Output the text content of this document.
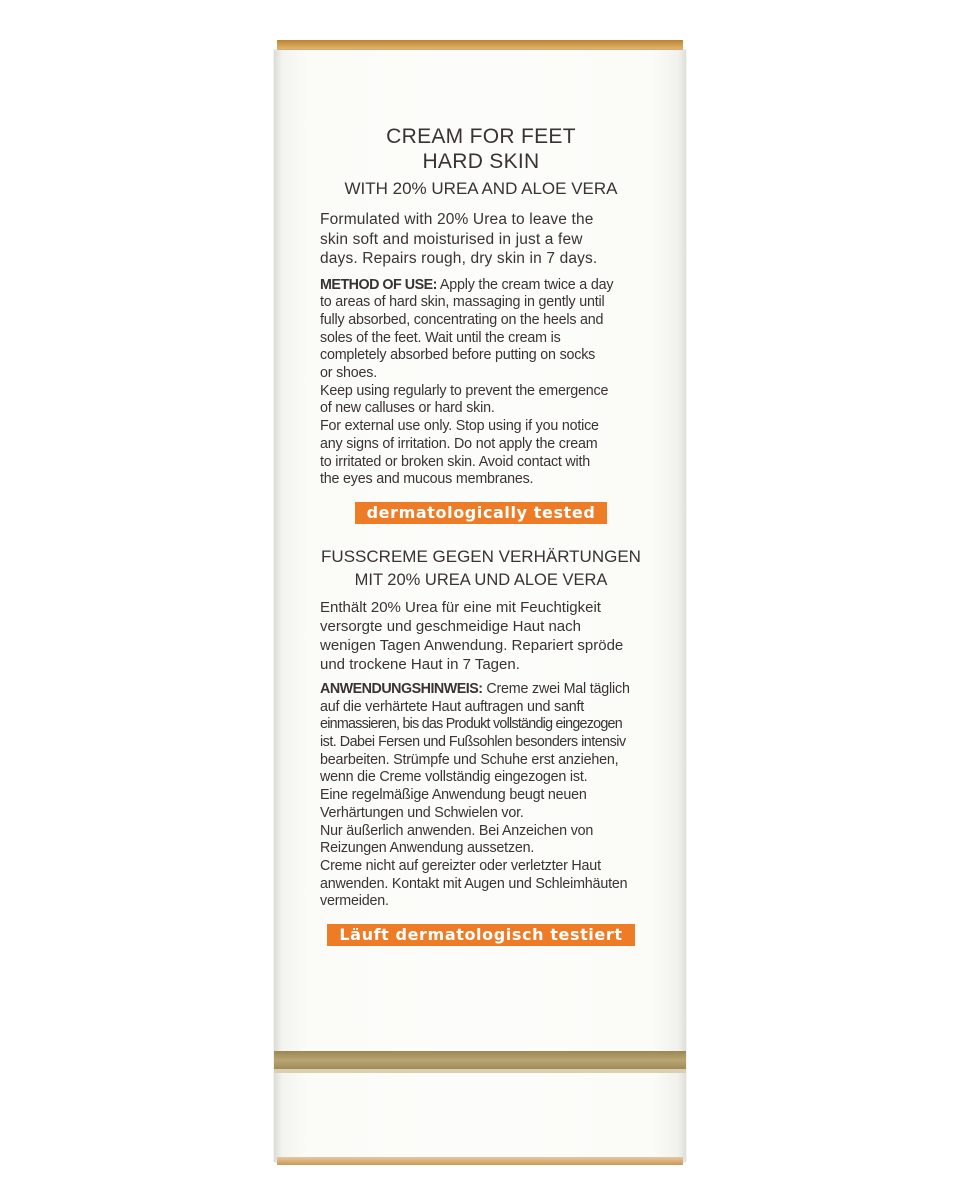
CREAM FOR FEET
HARD SKIN

WITH 20% UREA AND ALOE VERA

Formulated with 20% Urea to leave the
skin soft and moisturised in just a few
days. Repairs rough, dry skin in 7 days.

METHOD OF USE: Apply the cream twice a day
to areas of hard skin, massaging in gently until
fully absorbed, concentrating on the heels and
soles of the feet. Wait until the cream is
completely absorbed before putting on socks
or shoes.
Keep using regularly to prevent the emergence
of new calluses or hard skin.
For external use only. Stop using if you notice
any signs of irritation. Do not apply the cream
to irritated or broken skin. Avoid contact with
the eyes and mucous membranes.

dermatologically tested

FUSSCREME GEGEN VERHÄRTUNGEN

MIT 20% UREA UND ALOE VERA

Enthält 20% Urea für eine mit Feuchtigkeit
versorgte und geschmeidige Haut nach
wenigen Tagen Anwendung. Repariert spröde
und trockene Haut in 7 Tagen.

ANWENDUNGSHINWEIS: Creme zwei Mal täglich
auf die verhärtete Haut auftragen und sanft
einmassieren, bis das Produkt vollständig eingezogen
ist. Dabei Fersen und Fußsohlen besonders intensiv
bearbeiten. Strümpfe und Schuhe erst anziehen,
wenn die Creme vollständig eingezogen ist.
Eine regelmäßige Anwendung beugt neuen
Verhärtungen und Schwielen vor.
Nur äußerlich anwenden. Bei Anzeichen von
Reizungen Anwendung aussetzen.
Creme nicht auf gereizter oder verletzter Haut
anwenden. Kontakt mit Augen und Schleimhäuten
vermeiden.

Läuft dermatologisch testiert
